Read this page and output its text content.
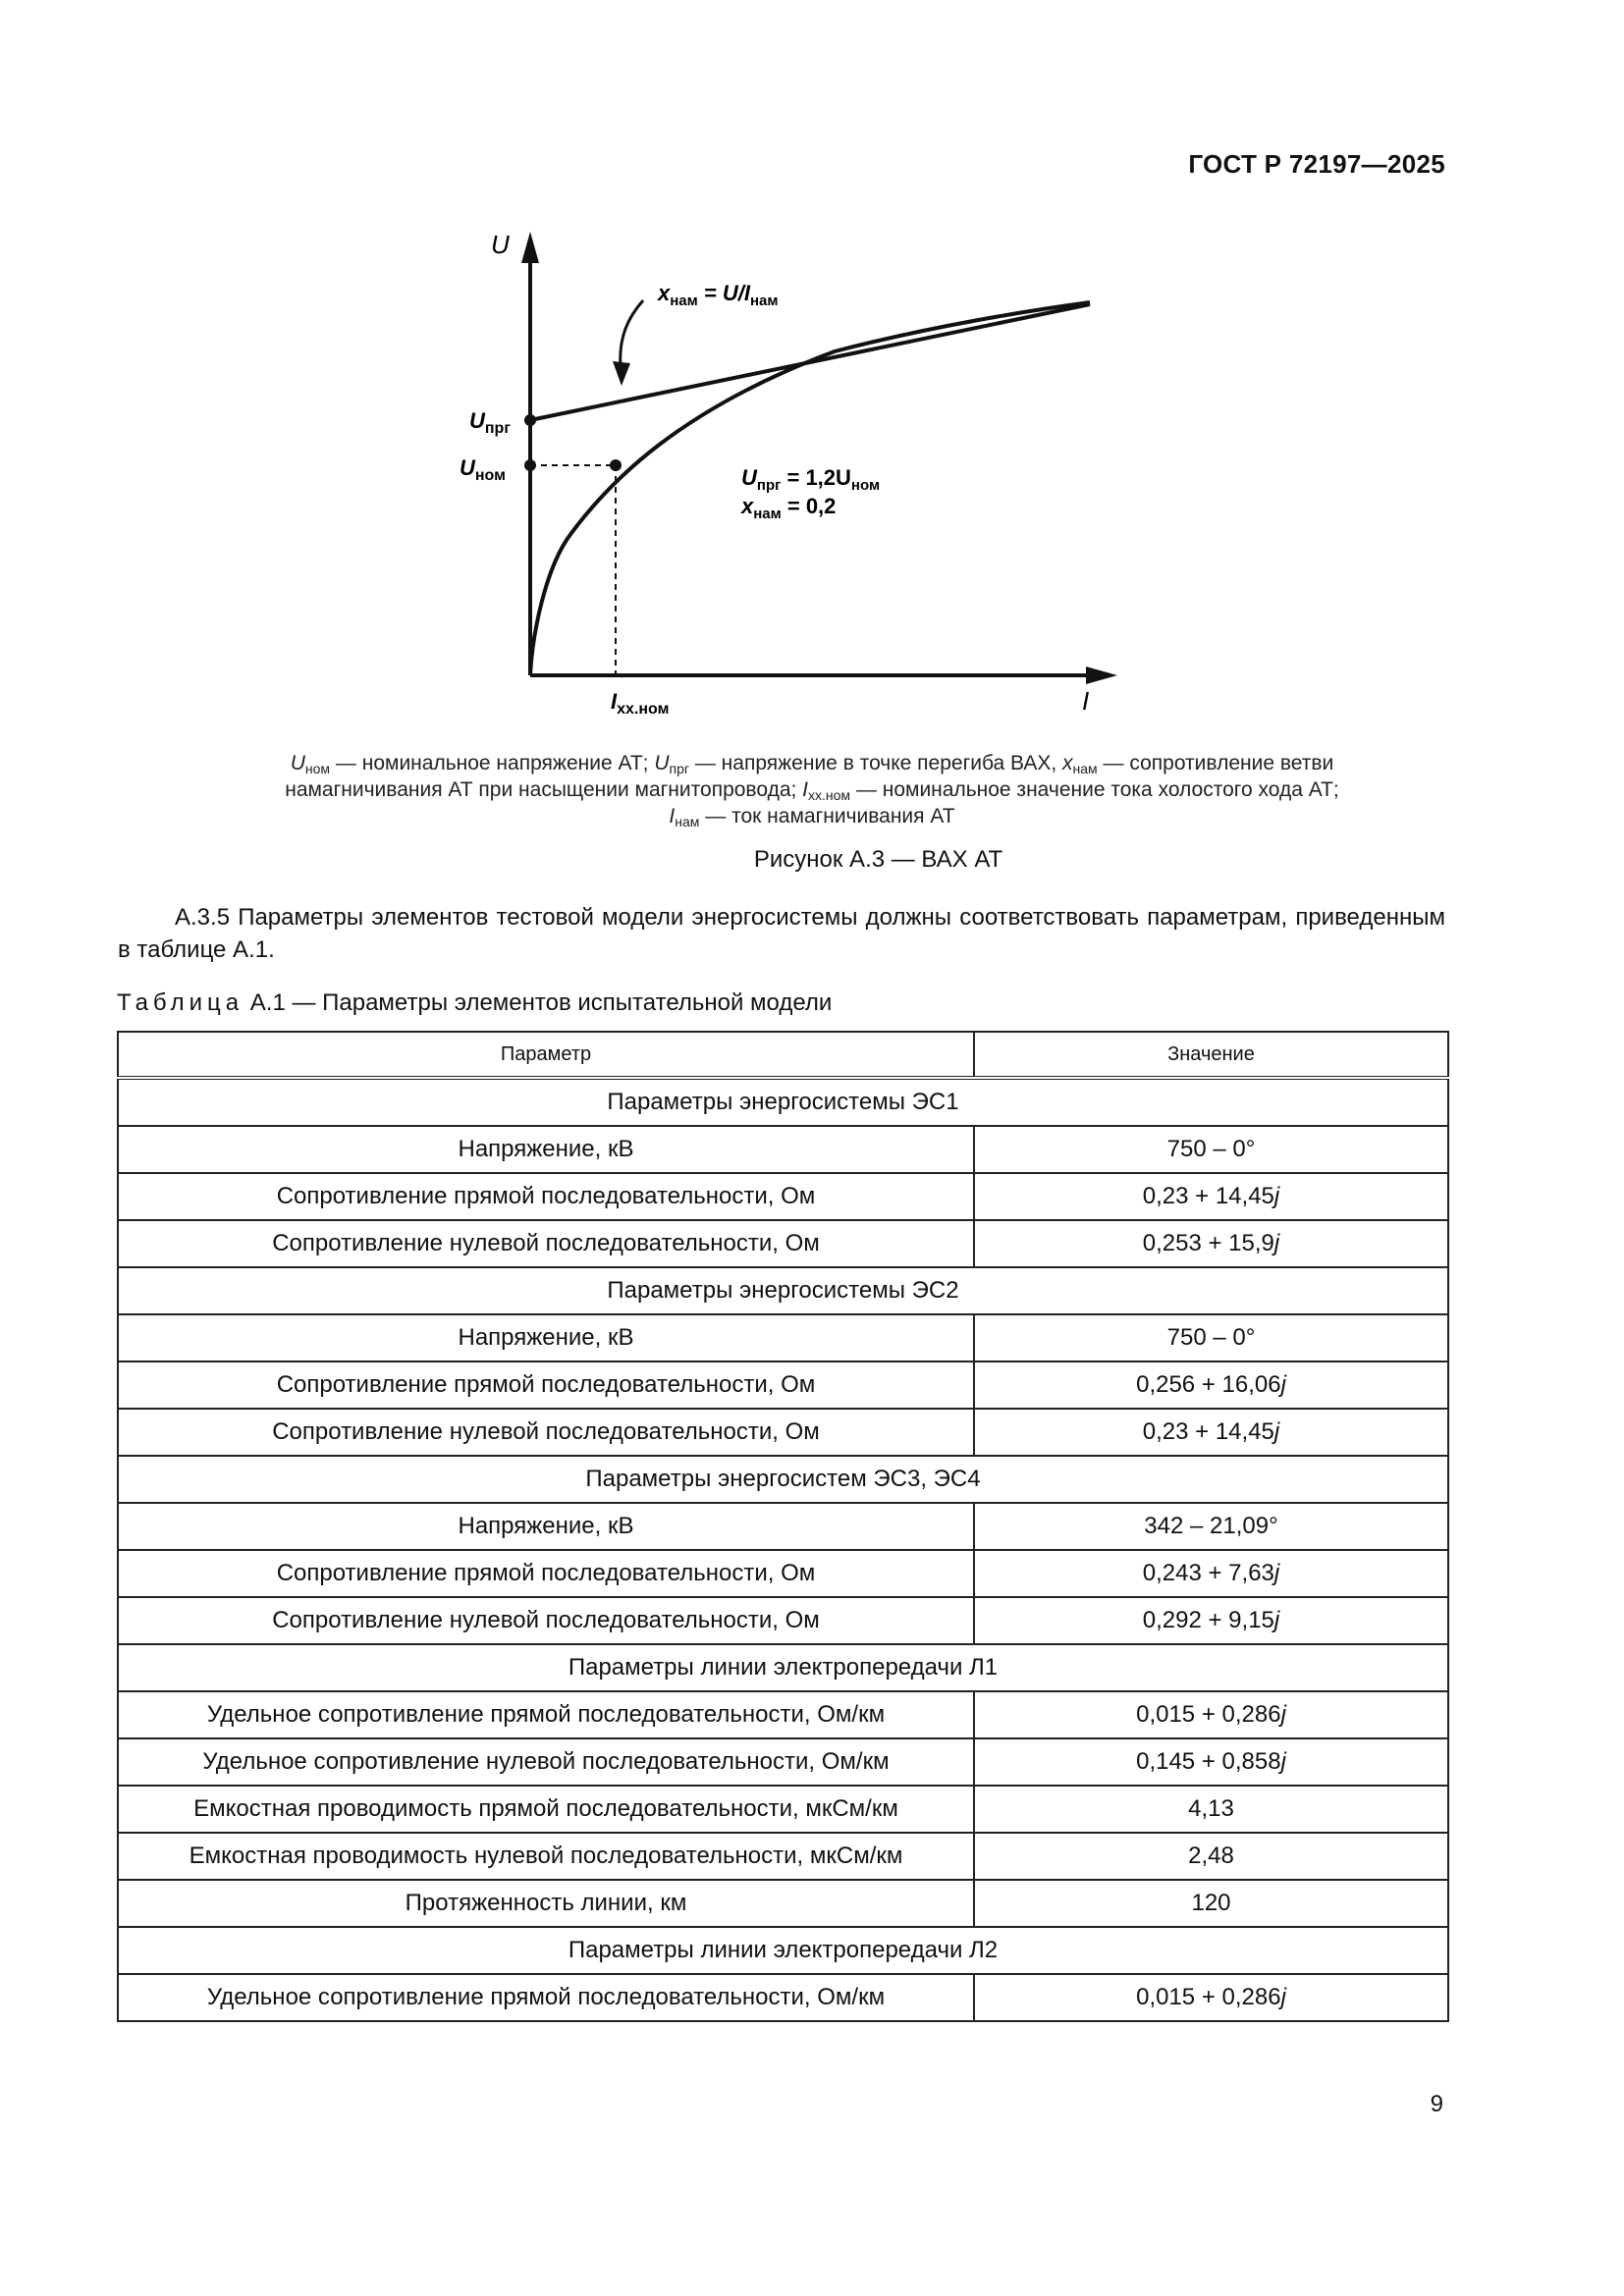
ГОСТ Р 72197—2025
U
I
$U_{прг}$
$U_{ном}$
$I_{хх.ном}$
$x_{нам} = U/I_{нам}$
$U_{прг} = 1,2U_{ном}$
$x_{нам} = 0,2$
$U_{ном}$ — номинальное напряжение АТ; $U_{прг}$ — напряжение в точке перегиба ВАХ, $x_{нам}$ — сопротивление ветви
намагничивания АТ при насыщении магнитопровода; $I_{хх.ном}$ — номинальное значение тока холостого хода АТ;
$I_{нам}$ — ток намагничивания АТ
Рисунок А.3 — ВАХ АТ
А.3.5 Параметры элементов тестовой модели энергосистемы должны соответствовать параметрам, приведенным в таблице А.1.
Таблица А.1 — Параметры элементов испытательной модели
Параметр	Значение
Параметры энергосистемы ЭС1	
Напряжение, кВ	750 – 0°
Сопротивление прямой последовательности, Ом	0,23 + 14,45j
Сопротивление нулевой последовательности, Ом	0,253 + 15,9j
Параметры энергосистемы ЭС2	
Напряжение, кВ	750 – 0°
Сопротивление прямой последовательности, Ом	0,256 + 16,06j
Сопротивление нулевой последовательности, Ом	0,23 + 14,45j
Параметры энергосистем ЭС3, ЭС4	
Напряжение, кВ	342 – 21,09°
Сопротивление прямой последовательности, Ом	0,243 + 7,63j
Сопротивление нулевой последовательности, Ом	0,292 + 9,15j
Параметры линии электропередачи Л1	
Удельное сопротивление прямой последовательности, Ом/км	0,015 + 0,286j
Удельное сопротивление нулевой последовательности, Ом/км	0,145 + 0,858j
Емкостная проводимость прямой последовательности, мкСм/км	4,13
Емкостная проводимость нулевой последовательности, мкСм/км	2,48
Протяженность линии, км	120
Параметры линии электропередачи Л2	
Удельное сопротивление прямой последовательности, Ом/км	0,015 + 0,286j
9
